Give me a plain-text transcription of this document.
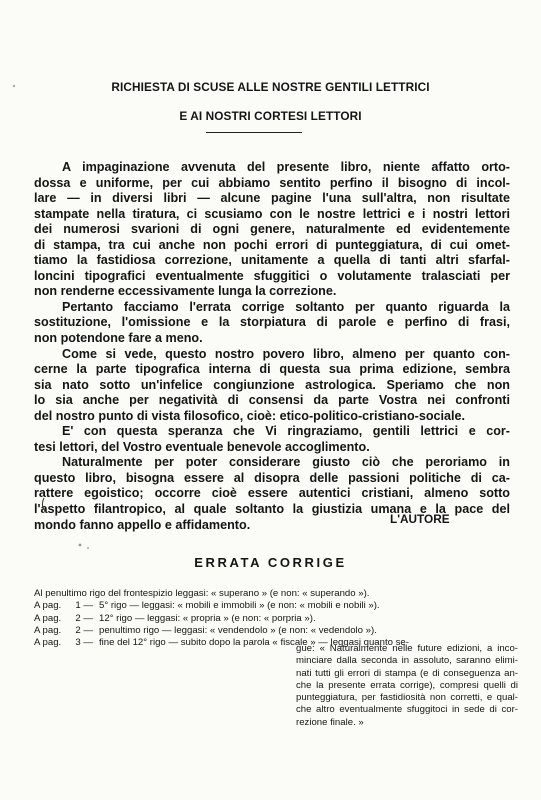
RICHIESTA DI SCUSE ALLE NOSTRE GENTILI LETTRICI
E AI NOSTRI CORTESI LETTORI
A impaginazione avvenuta del presente libro, niente affatto orto-
dossa e uniforme, per cui abbiamo sentito perfino il bisogno di incol-
lare — in diversi libri — alcune pagine l'una sull'altra, non risultate
stampate nella tiratura, ci scusiamo con le nostre lettrici e i nostri lettori
dei numerosi svarioni di ogni genere, naturalmente ed evidentemente
di stampa, tra cui anche non pochi errori di punteggiatura, di cui omet-
tiamo la fastidiosa correzione, unitamente a quella di tanti altri sfarfal-
loncini tipografici eventualmente sfuggitici o volutamente tralasciati per
non renderne eccessivamente lunga la correzione.
Pertanto facciamo l'errata corrige soltanto per quanto riguarda la
sostituzione, l'omissione e la storpiatura di parole e perfino di frasi,
non potendone fare a meno.
Come si vede, questo nostro povero libro, almeno per quanto con-
cerne la parte tipografica interna di questa sua prima edizione, sembra
sia nato sotto un'infelice congiunzione astrologica. Speriamo che non
lo sia anche per negatività di consensi da parte Vostra nei confronti
del nostro punto di vista filosofico, cioè: etico-politico-cristiano-sociale.
E' con questa speranza che Vi ringraziamo, gentili lettrici e cor-
tesi lettori, del Vostro eventuale benevole accoglimento.
Naturalmente per poter considerare giusto ciò che peroriamo in
questo libro, bisogna essere al disopra delle passioni politiche di ca-
rattere egoistico; occorre cioè essere autentici cristiani, almeno sotto
l'aspetto filantropico, al quale soltanto la giustizia umana e la pace del
mondo fanno appello e affidamento.	L'AUTORE
ERRATA CORRIGE
Al penultimo rigo del frontespizio leggasi: « superano » (e non: « superando »).
A pag.	1 — 5° rigo — leggasi: « mobili e immobili » (e non: « mobili e nobili »).
A pag.	2 — 12° rigo — leggasi: « propria » (e non: « porpria »).
A pag.	2 — penultimo rigo — leggasi: « vendendolo » (e non: « vedendolo »).
A pag.	3 — fine del 12° rigo — subito dopo la parola « fiscale » — leggasi quanto se-
gue: « Naturalmente nelle future edizioni, a inco-
minciare dalla seconda in assoluto, saranno elimi-
nati tutti gli errori di stampa (e di conseguenza an-
che la presente errata corrige), compresi quelli di
punteggiatura, per fastidiosità non corretti, e qual-
che altro eventualmente sfuggitoci in sede di cor-
rezione finale. »
